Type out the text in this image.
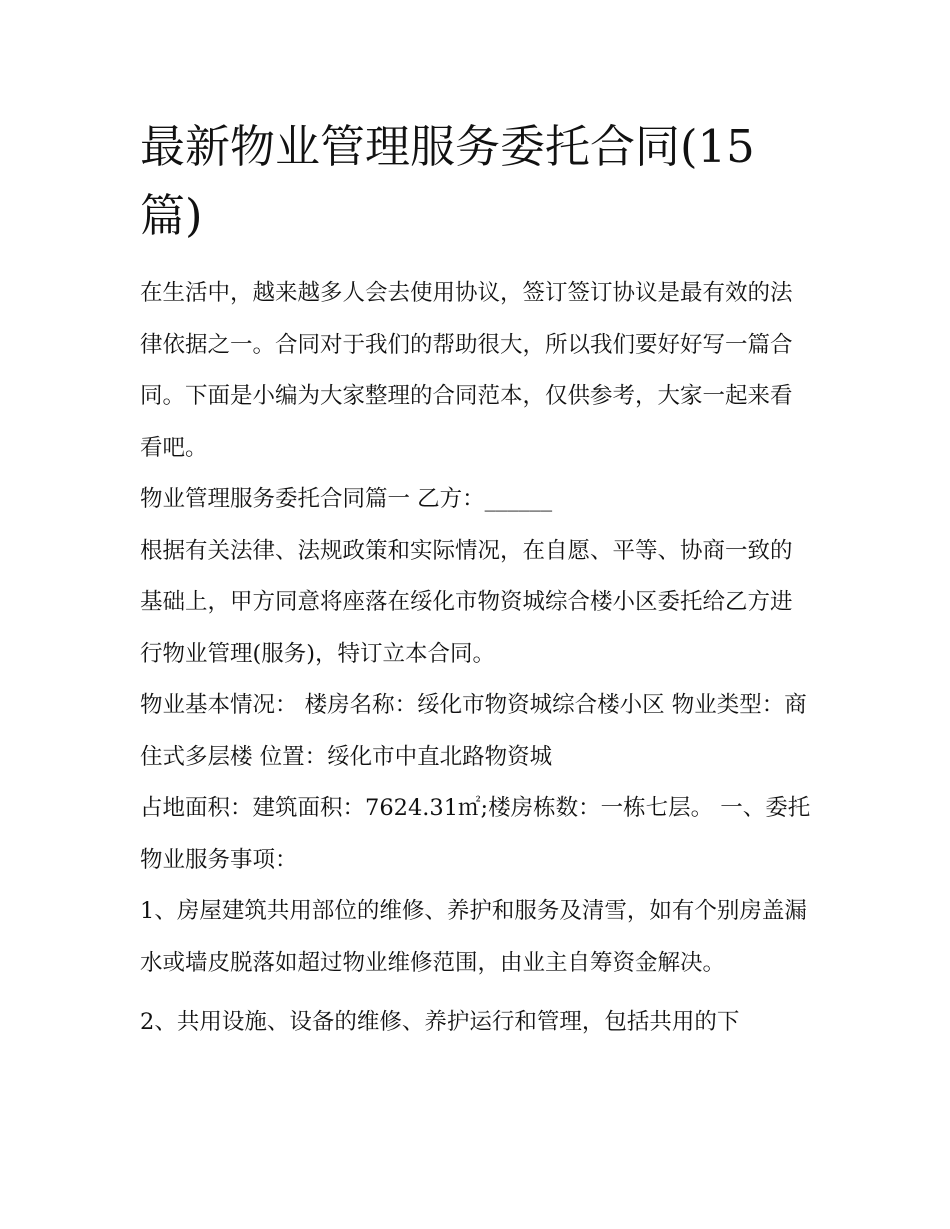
最新物业管理服务委托合同(15篇)

在生活中，越来越多人会去使用协议，签订签订协议是最有效的法律依据之一。合同对于我们的帮助很大，所以我们要好好写一篇合同。下面是小编为大家整理的合同范本，仅供参考，大家一起来看看吧。

物业管理服务委托合同篇一 乙方：______

根据有关法律、法规政策和实际情况，在自愿、平等、协商一致的基础上，甲方同意将座落在绥化市物资城综合楼小区委托给乙方进行物业管理(服务)，特订立本合同。

物业基本情况： 楼房名称：绥化市物资城综合楼小区 物业类型：商住式多层楼 位置：绥化市中直北路物资城

占地面积：建筑面积：7624.31㎡;楼房栋数：一栋七层。 一、委托物业服务事项：

1、房屋建筑共用部位的维修、养护和服务及清雪，如有个别房盖漏水或墙皮脱落如超过物业维修范围，由业主自筹资金解决。

2、共用设施、设备的维修、养护运行和管理，包括共用的下
